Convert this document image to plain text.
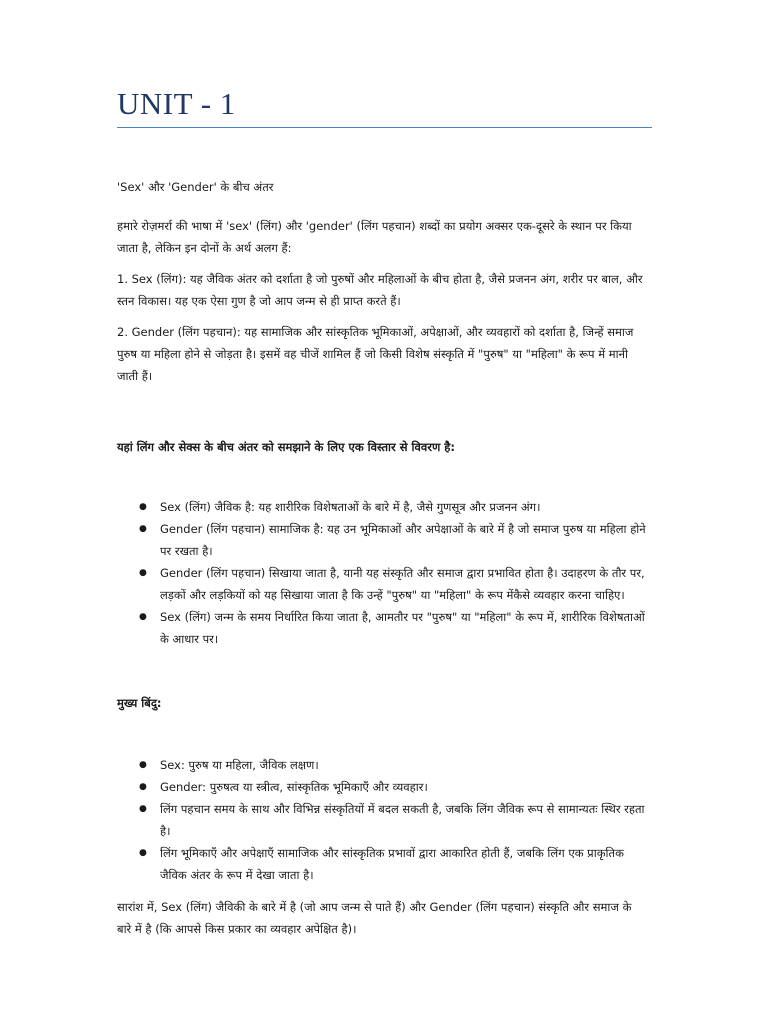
UNIT - 1

'Sex' और 'Gender' के बीच अंतर

हमारे रोज़मर्रा की भाषा में 'sex' (लिंग) और 'gender' (लिंग पहचान) शब्दों का प्रयोग अक्सर एक-दूसरे के स्थान पर किया जाता है, लेकिन इन दोनों के अर्थ अलग हैं:

1. Sex (लिंग): यह जैविक अंतर को दर्शाता है जो पुरुषों और महिलाओं के बीच होता है, जैसे प्रजनन अंग, शरीर पर बाल, और स्तन विकास। यह एक ऐसा गुण है जो आप जन्म से ही प्राप्त करते हैं।

2. Gender (लिंग पहचान): यह सामाजिक और सांस्कृतिक भूमिकाओं, अपेक्षाओं, और व्यवहारों को दर्शाता है, जिन्हें समाज पुरुष या महिला होने से जोड़ता है। इसमें वह चीजें शामिल हैं जो किसी विशेष संस्कृति में "पुरुष" या "महिला" के रूप में मानी जाती हैं।

यहां लिंग और सेक्स के बीच अंतर को समझाने के लिए एक विस्तार से विवरण है:

● Sex (लिंग) जैविक है: यह शारीरिक विशेषताओं के बारे में है, जैसे गुणसूत्र और प्रजनन अंग।
● Gender (लिंग पहचान) सामाजिक है: यह उन भूमिकाओं और अपेक्षाओं के बारे में है जो समाज पुरुष या महिला होने पर रखता है।
● Gender (लिंग पहचान) सिखाया जाता है, यानी यह संस्कृति और समाज द्वारा प्रभावित होता है। उदाहरण के तौर पर, लड़कों और लड़कियों को यह सिखाया जाता है कि उन्हें "पुरुष" या "महिला" के रूप मेंकैसे व्यवहार करना चाहिए।
● Sex (लिंग) जन्म के समय निर्धारित किया जाता है, आमतौर पर "पुरुष" या "महिला" के रूप में, शारीरिक विशेषताओं के आधार पर।

मुख्य बिंदु:

● Sex: पुरुष या महिला, जैविक लक्षण।
● Gender: पुरुषत्व या स्त्रीत्व, सांस्कृतिक भूमिकाएँ और व्यवहार।
● लिंग पहचान समय के साथ और विभिन्न संस्कृतियों में बदल सकती है, जबकि लिंग जैविक रूप से सामान्यतः स्थिर रहता है।
● लिंग भूमिकाएँ और अपेक्षाएँ सामाजिक और सांस्कृतिक प्रभावों द्वारा आकारित होती हैं, जबकि लिंग एक प्राकृतिक जैविक अंतर के रूप में देखा जाता है।

सारांश में, Sex (लिंग) जैविकी के बारे में है (जो आप जन्म से पाते हैं) और Gender (लिंग पहचान) संस्कृति और समाज के बारे में है (कि आपसे किस प्रकार का व्यवहार अपेक्षित है)।
